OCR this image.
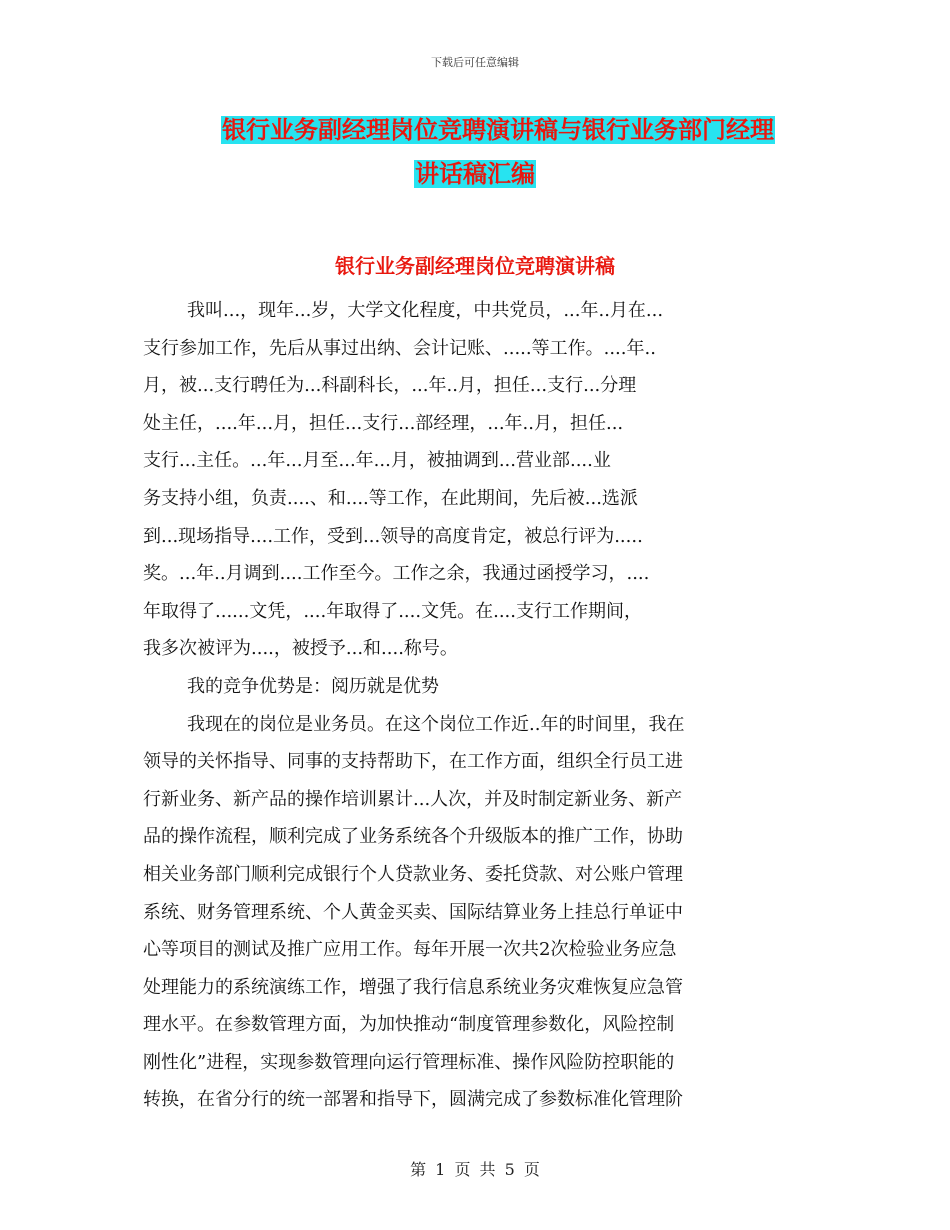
下载后可任意编辑
银行业务副经理岗位竞聘演讲稿与银行业务部门经理
讲话稿汇编
银行业务副经理岗位竞聘演讲稿
我叫...，现年...岁，大学文化程度，中共党员，...年..月在...
支行参加工作，先后从事过出纳、会计记账、.....等工作。....年..
月，被...支行聘任为...科副科长，...年..月，担任...支行...分理
处主任，....年...月，担任...支行...部经理，...年..月，担任...
支行...主任。...年...月至...年...月，被抽调到...营业部....业
务支持小组，负责....、和....等工作，在此期间，先后被...选派
到...现场指导....工作，受到...领导的高度肯定，被总行评为.....
奖。...年..月调到....工作至今。工作之余，我通过函授学习，....
年取得了......文凭，....年取得了....文凭。在....支行工作期间，
我多次被评为....，被授予...和....称号。
我的竞争优势是：阅历就是优势
我现在的岗位是业务员。在这个岗位工作近..年的时间里，我在
领导的关怀指导、同事的支持帮助下，在工作方面，组织全行员工进
行新业务、新产品的操作培训累计...人次，并及时制定新业务、新产
品的操作流程，顺利完成了业务系统各个升级版本的推广工作，协助
相关业务部门顺利完成银行个人贷款业务、委托贷款、对公账户管理
系统、财务管理系统、个人黄金买卖、国际结算业务上挂总行单证中
心等项目的测试及推广应用工作。每年开展一次共2次检验业务应急
处理能力的系统演练工作，增强了我行信息系统业务灾难恢复应急管
理水平。在参数管理方面，为加快推动“制度管理参数化，风险控制
刚性化”进程，实现参数管理向运行管理标准、操作风险防控职能的
转换，在省分行的统一部署和指导下，圆满完成了参数标准化管理阶
第 1 页 共 5 页
